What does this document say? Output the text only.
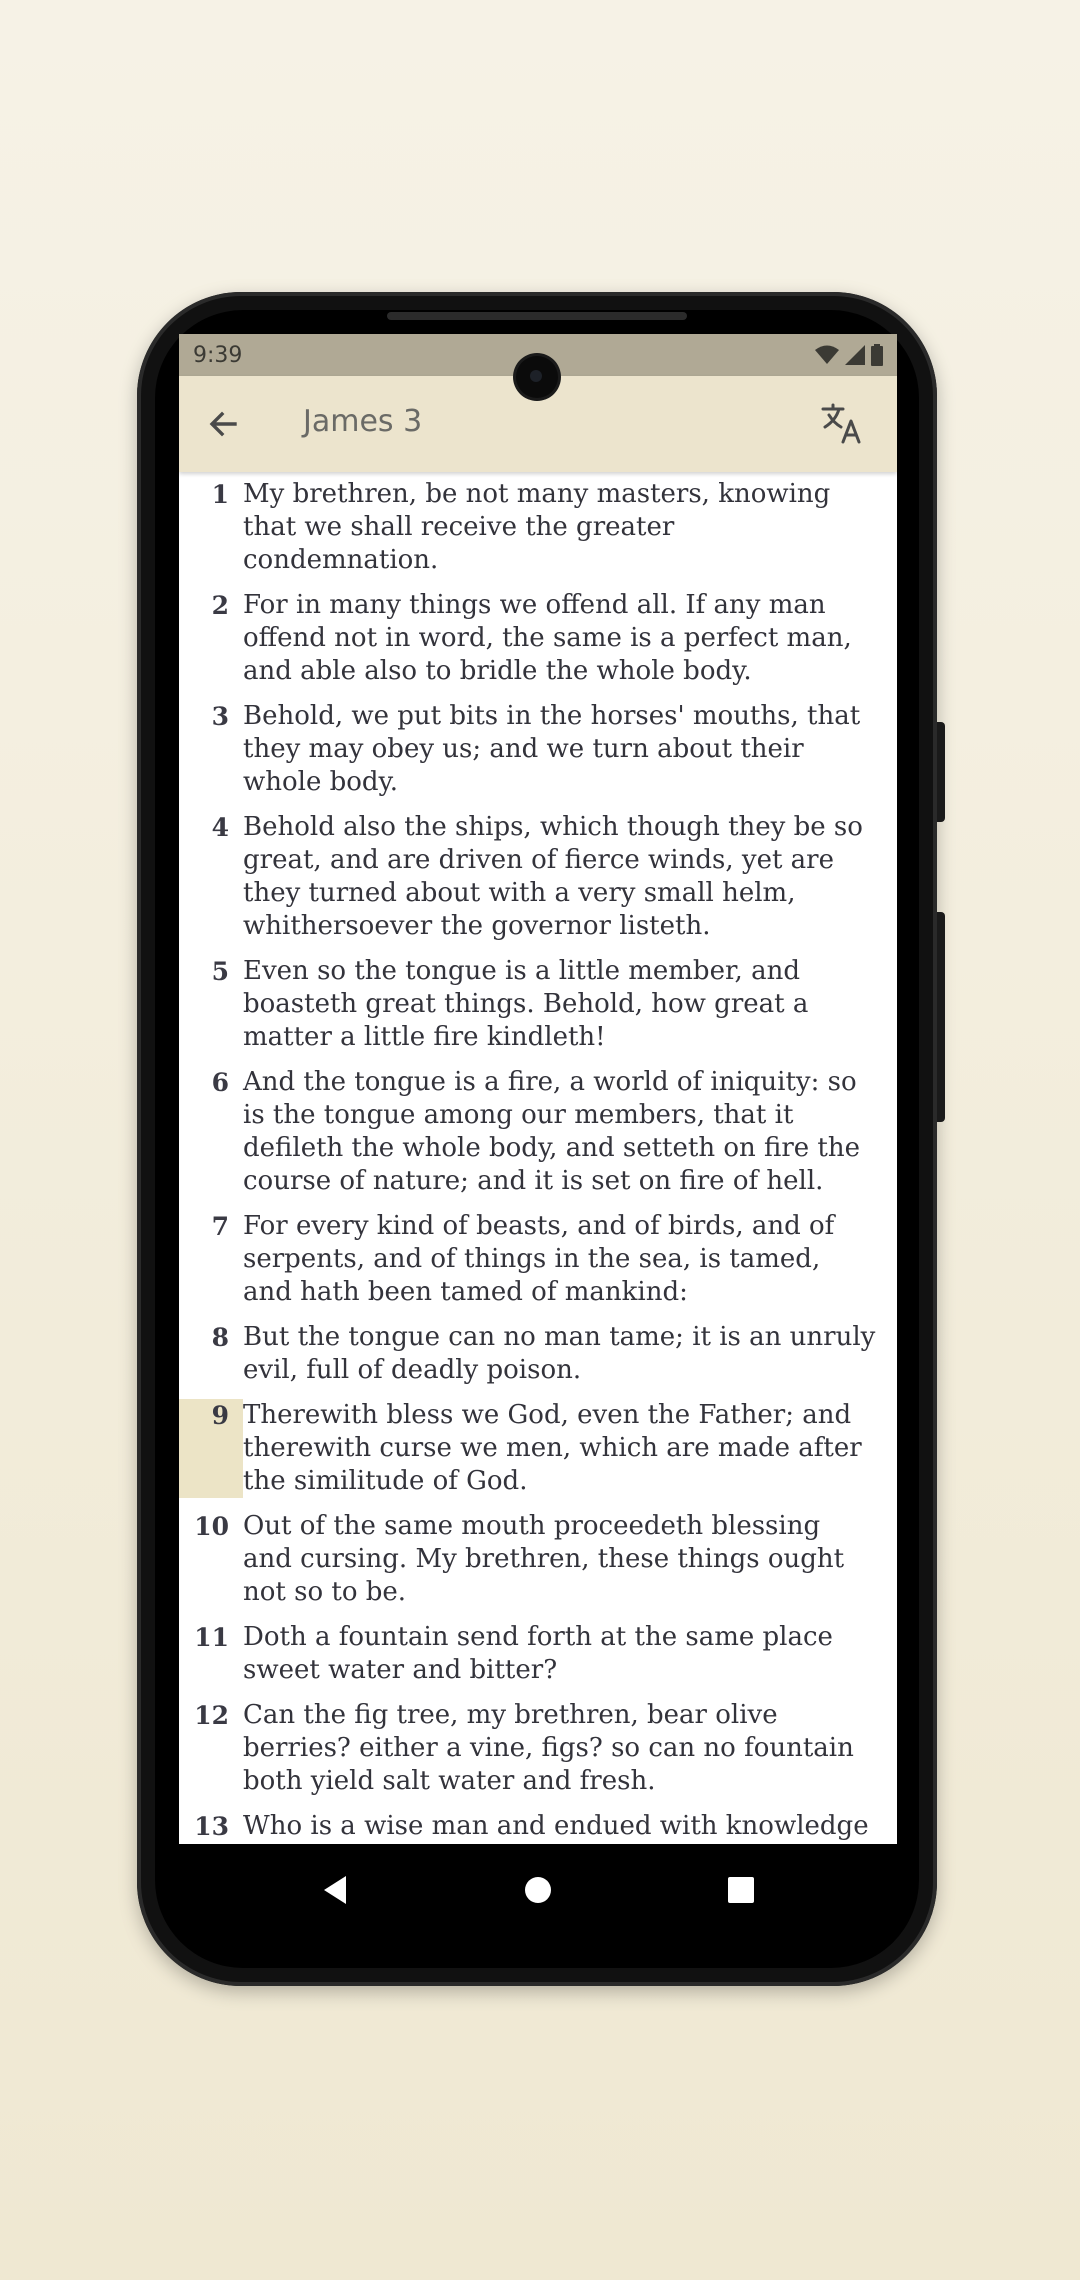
9:39
James 3
1 My brethren, be not many masters, knowing that we shall receive the greater condemnation.
2 For in many things we offend all. If any man offend not in word, the same is a perfect man, and able also to bridle the whole body.
3 Behold, we put bits in the horses' mouths, that they may obey us; and we turn about their whole body.
4 Behold also the ships, which though they be so great, and are driven of fierce winds, yet are they turned about with a very small helm, whithersoever the governor listeth.
5 Even so the tongue is a little member, and boasteth great things. Behold, how great a matter a little fire kindleth!
6 And the tongue is a fire, a world of iniquity: so is the tongue among our members, that it defileth the whole body, and setteth on fire the course of nature; and it is set on fire of hell.
7 For every kind of beasts, and of birds, and of serpents, and of things in the sea, is tamed, and hath been tamed of mankind:
8 But the tongue can no man tame; it is an unruly evil, full of deadly poison.
9 Therewith bless we God, even the Father; and therewith curse we men, which are made after the similitude of God.
10 Out of the same mouth proceedeth blessing and cursing. My brethren, these things ought not so to be.
11 Doth a fountain send forth at the same place sweet water and bitter?
12 Can the fig tree, my brethren, bear olive berries? either a vine, figs? so can no fountain both yield salt water and fresh.
13 Who is a wise man and endued with knowledge
